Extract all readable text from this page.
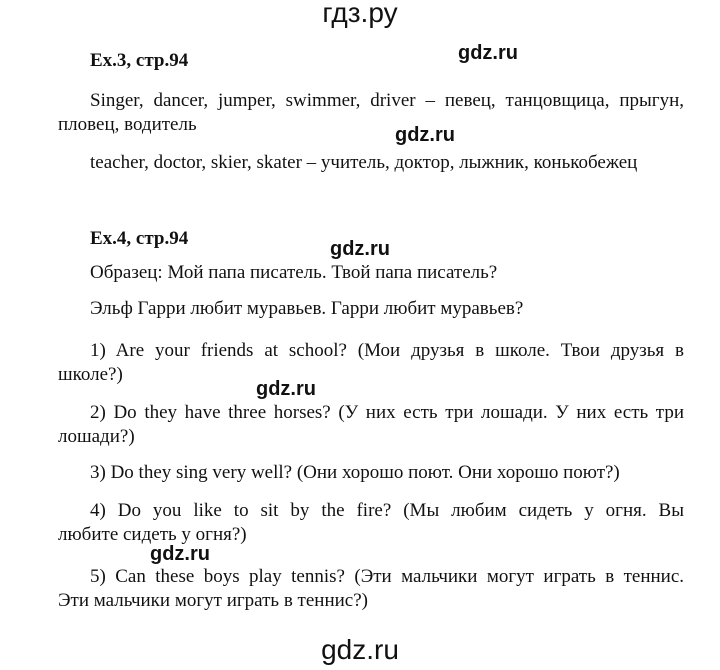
гдз.ру
gdz.ru
gdz.ru
gdz.ru
gdz.ru
gdz.ru
Ex.3, стр.94
Singer, dancer, jumper, swimmer, driver – певец, танцовщица, прыгун,
пловец, водитель
teacher, doctor, skier, skater – учитель, доктор, лыжник, конькобежец
Ex.4, стр.94
Образец: Мой папа писатель. Твой папа писатель?
Эльф Гарри любит муравьев. Гарри любит муравьев?
1) Are your friends at school? (Мои друзья в школе. Твои друзья в
школе?)
2) Do they have three horses? (У них есть три лошади. У них есть три
лошади?)
3) Do they sing very well? (Они хорошо поют. Они хорошо поют?)
4) Do you like to sit by the fire? (Мы любим сидеть у огня. Вы
любите сидеть у огня?)
5) Can these boys play tennis? (Эти мальчики могут играть в теннис.
Эти мальчики могут играть в теннис?)
gdz.ru
